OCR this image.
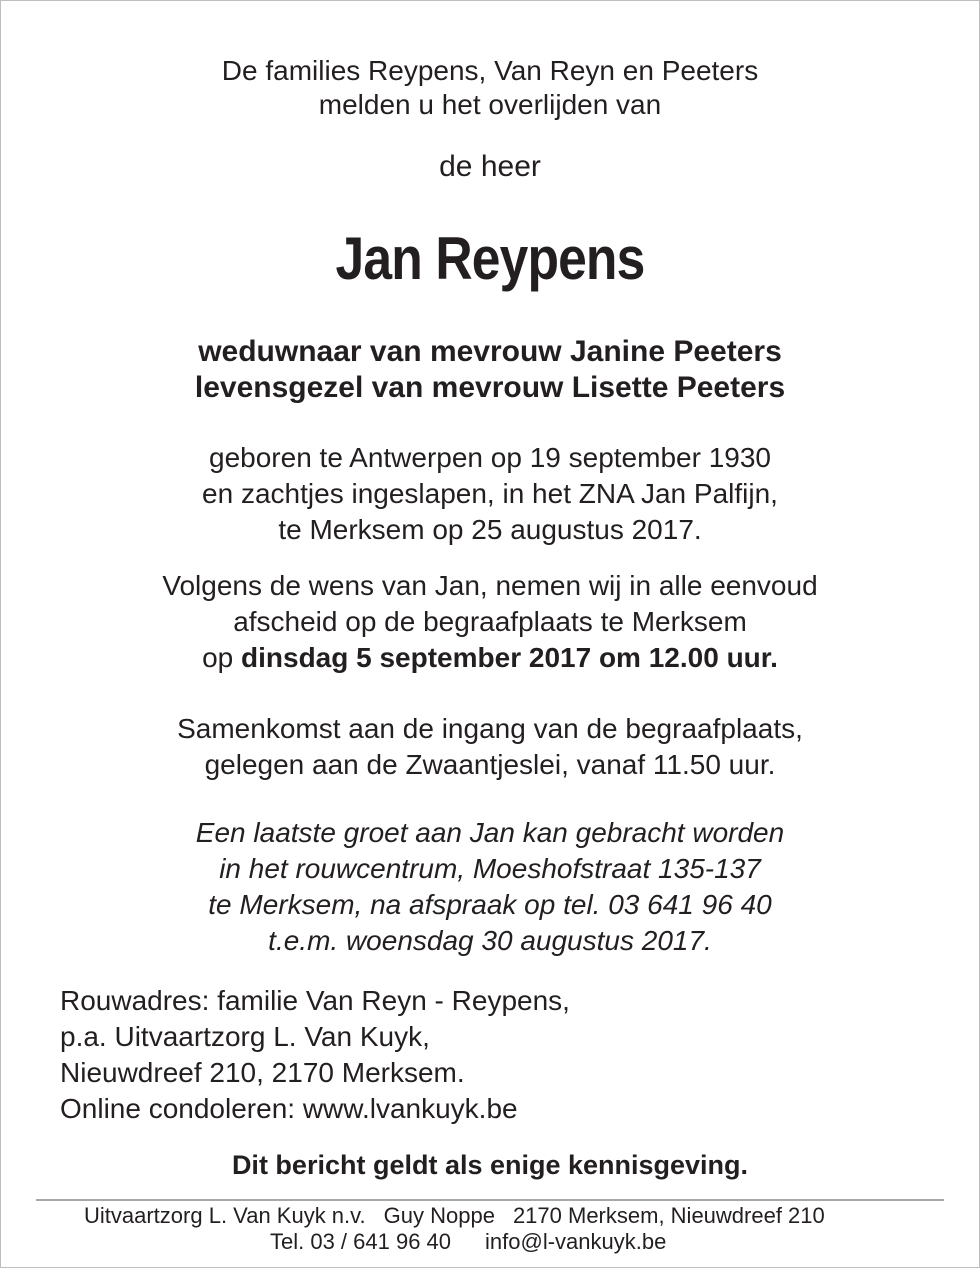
De families Reypens, Van Reyn en Peeters
melden u het overlijden van
de heer
Jan Reypens
weduwnaar van mevrouw Janine Peeters
levensgezel van mevrouw Lisette Peeters
geboren te Antwerpen op 19 september 1930
en zachtjes ingeslapen, in het ZNA Jan Palfijn,
te Merksem op 25 augustus 2017.
Volgens de wens van Jan, nemen wij in alle eenvoud
afscheid op de begraafplaats te Merksem
op dinsdag 5 september 2017 om 12.00 uur.
Samenkomst aan de ingang van de begraafplaats,
gelegen aan de Zwaantjeslei, vanaf 11.50 uur.
Een laatste groet aan Jan kan gebracht worden
in het rouwcentrum, Moeshofstraat 135-137
te Merksem, na afspraak op tel. 03 641 96 40
t.e.m. woensdag 30 augustus 2017.
Rouwadres: familie Van Reyn - Reypens,
p.a. Uitvaartzorg L. Van Kuyk,
Nieuwdreef 210, 2170 Merksem.
Online condoleren: www.lvankuyk.be
Dit bericht geldt als enige kennisgeving.
Uitvaartzorg L. Van Kuyk n.v. Guy Noppe 2170 Merksem, Nieuwdreef 210
Tel. 03 / 641 96 40 info@l-vankuyk.be
